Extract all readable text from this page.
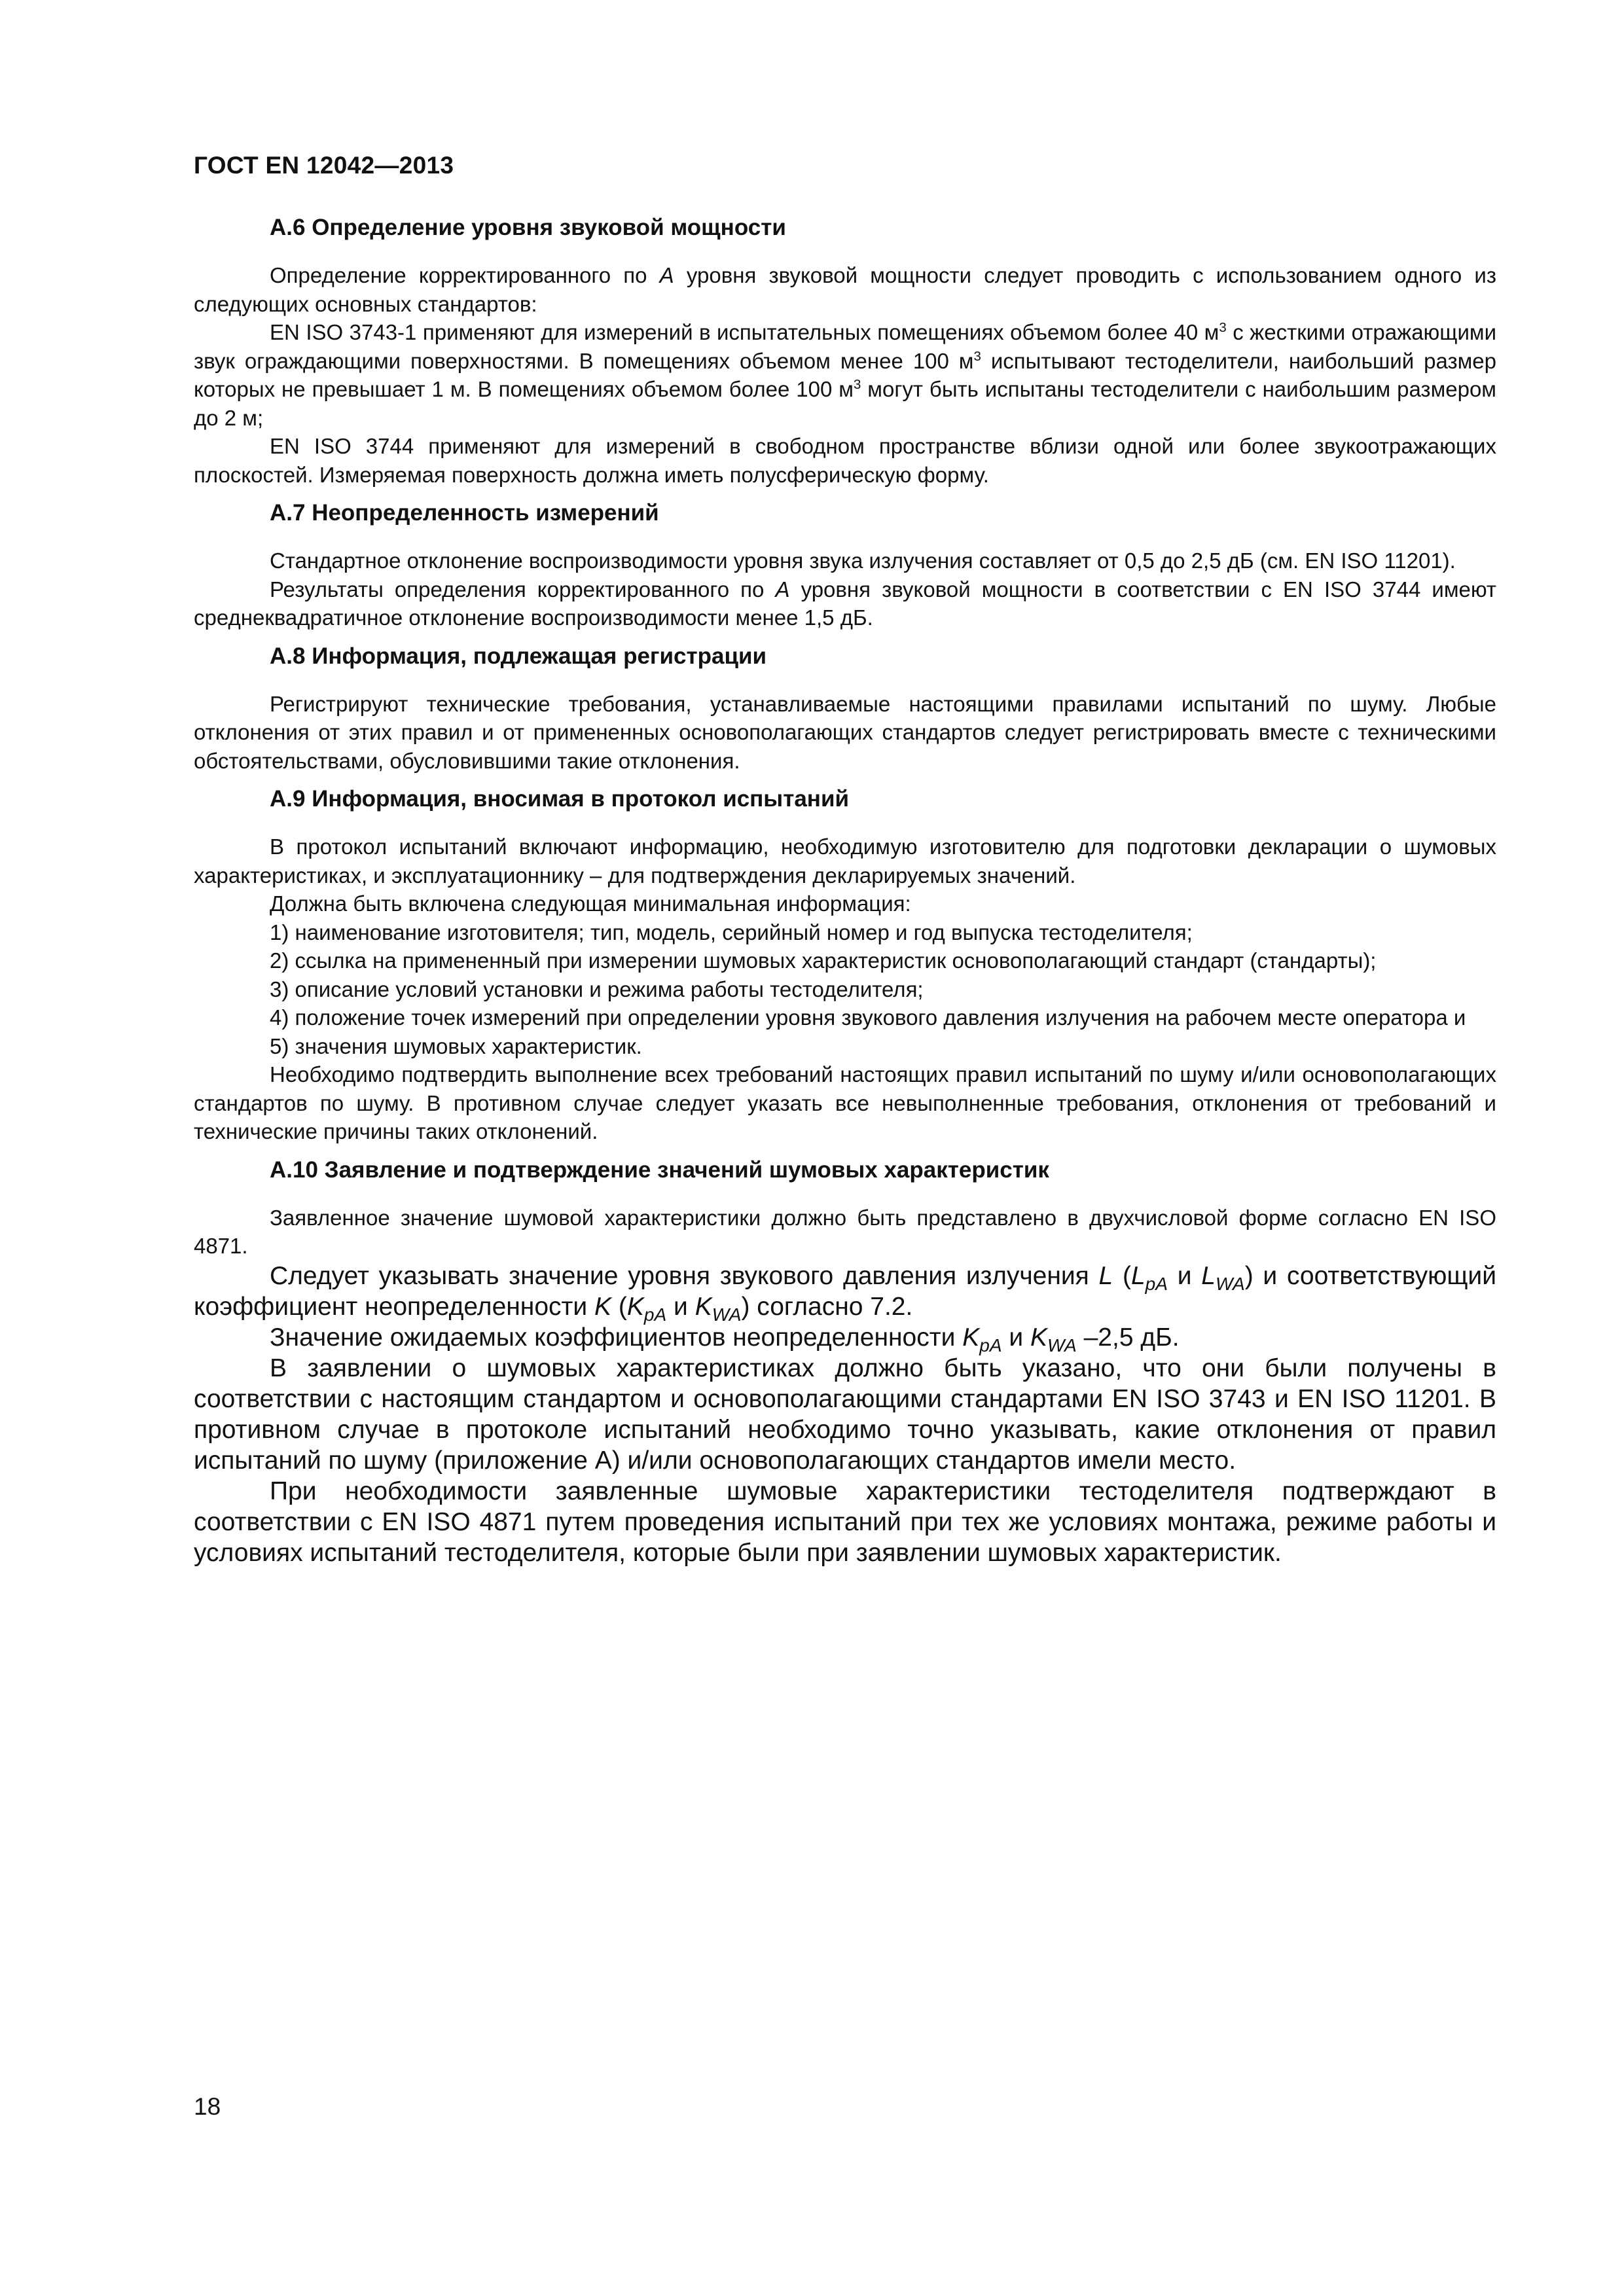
ГОСТ EN 12042—2013
А.6 Определение уровня звуковой мощности

Определение корректированного по А уровня звуковой мощности следует проводить с использованием одного из следующих основных стандартов:

EN ISO 3743-1 применяют для измерений в испытательных помещениях объемом более 40 $м^3$ с жесткими отражающими звук ограждающими поверхностями. В помещениях объемом менее 100 $м^3$ испытывают тестоделители, наибольший размер которых не превышает 1 м. В помещениях объемом более 100 $м^3$ могут быть испытаны тестоделители с наибольшим размером до 2 м;

EN ISO 3744 применяют для измерений в свободном пространстве вблизи одной или более звукоотражающих плоскостей. Измеряемая поверхность должна иметь полусферическую форму.

А.7 Неопределенность измерений

Стандартное отклонение воспроизводимости уровня звука излучения составляет от 0,5 до 2,5 дБ (см. EN ISO 11201).

Результаты определения корректированного по А уровня звуковой мощности в соответствии с EN ISO 3744 имеют среднеквадратичное отклонение воспроизводимости менее 1,5 дБ.

А.8 Информация, подлежащая регистрации

Регистрируют технические требования, устанавливаемые настоящими правилами испытаний по шуму. Любые отклонения от этих правил и от примененных основополагающих стандартов следует регистрировать вместе с техническими обстоятельствами, обусловившими такие отклонения.

А.9 Информация, вносимая в протокол испытаний

В протокол испытаний включают информацию, необходимую изготовителю для подготовки декларации о шумовых характеристиках, и эксплуатационнику – для подтверждения декларируемых значений.

Должна быть включена следующая минимальная информация:

1) наименование изготовителя; тип, модель, серийный номер и год выпуска тестоделителя;

2) ссылка на примененный при измерении шумовых характеристик основополагающий стандарт (стандарты);

3) описание условий установки и режима работы тестоделителя;

4) положение точек измерений при определении уровня звукового давления излучения на рабочем месте оператора и

5) значения шумовых характеристик.

Необходимо подтвердить выполнение всех требований настоящих правил испытаний по шуму и/или основополагающих стандартов по шуму. В противном случае следует указать все невыполненные требования, отклонения от требований и технические причины таких отклонений.

А.10 Заявление и подтверждение значений шумовых характеристик

Заявленное значение шумовой характеристики должно быть представлено в двухчисловой форме согласно EN ISO 4871.

Следует указывать значение уровня звукового давления излучения L ($L_{pA}$ и $L_{WA}$) и соответствующий коэффициент неопределенности K ($K_{pA}$ и $K_{WA}$) согласно 7.2.

Значение ожидаемых коэффициентов неопределенности $K_{pA}$ и $K_{WA}$ –2,5 дБ.

В заявлении о шумовых характеристиках должно быть указано, что они были получены в соответствии с настоящим стандартом и основополагающими стандартами EN ISO 3743 и EN ISO 11201. В противном случае в протоколе испытаний необходимо точно указывать, какие отклонения от правил испытаний по шуму (приложение А) и/или основополагающих стандартов имели место.

При необходимости заявленные шумовые характеристики тестоделителя подтверждают в соответствии с EN ISO 4871 путем проведения испытаний при тех же условиях монтажа, режиме работы и условиях испытаний тестоделителя, которые были при заявлении шумовых характеристик.

18
